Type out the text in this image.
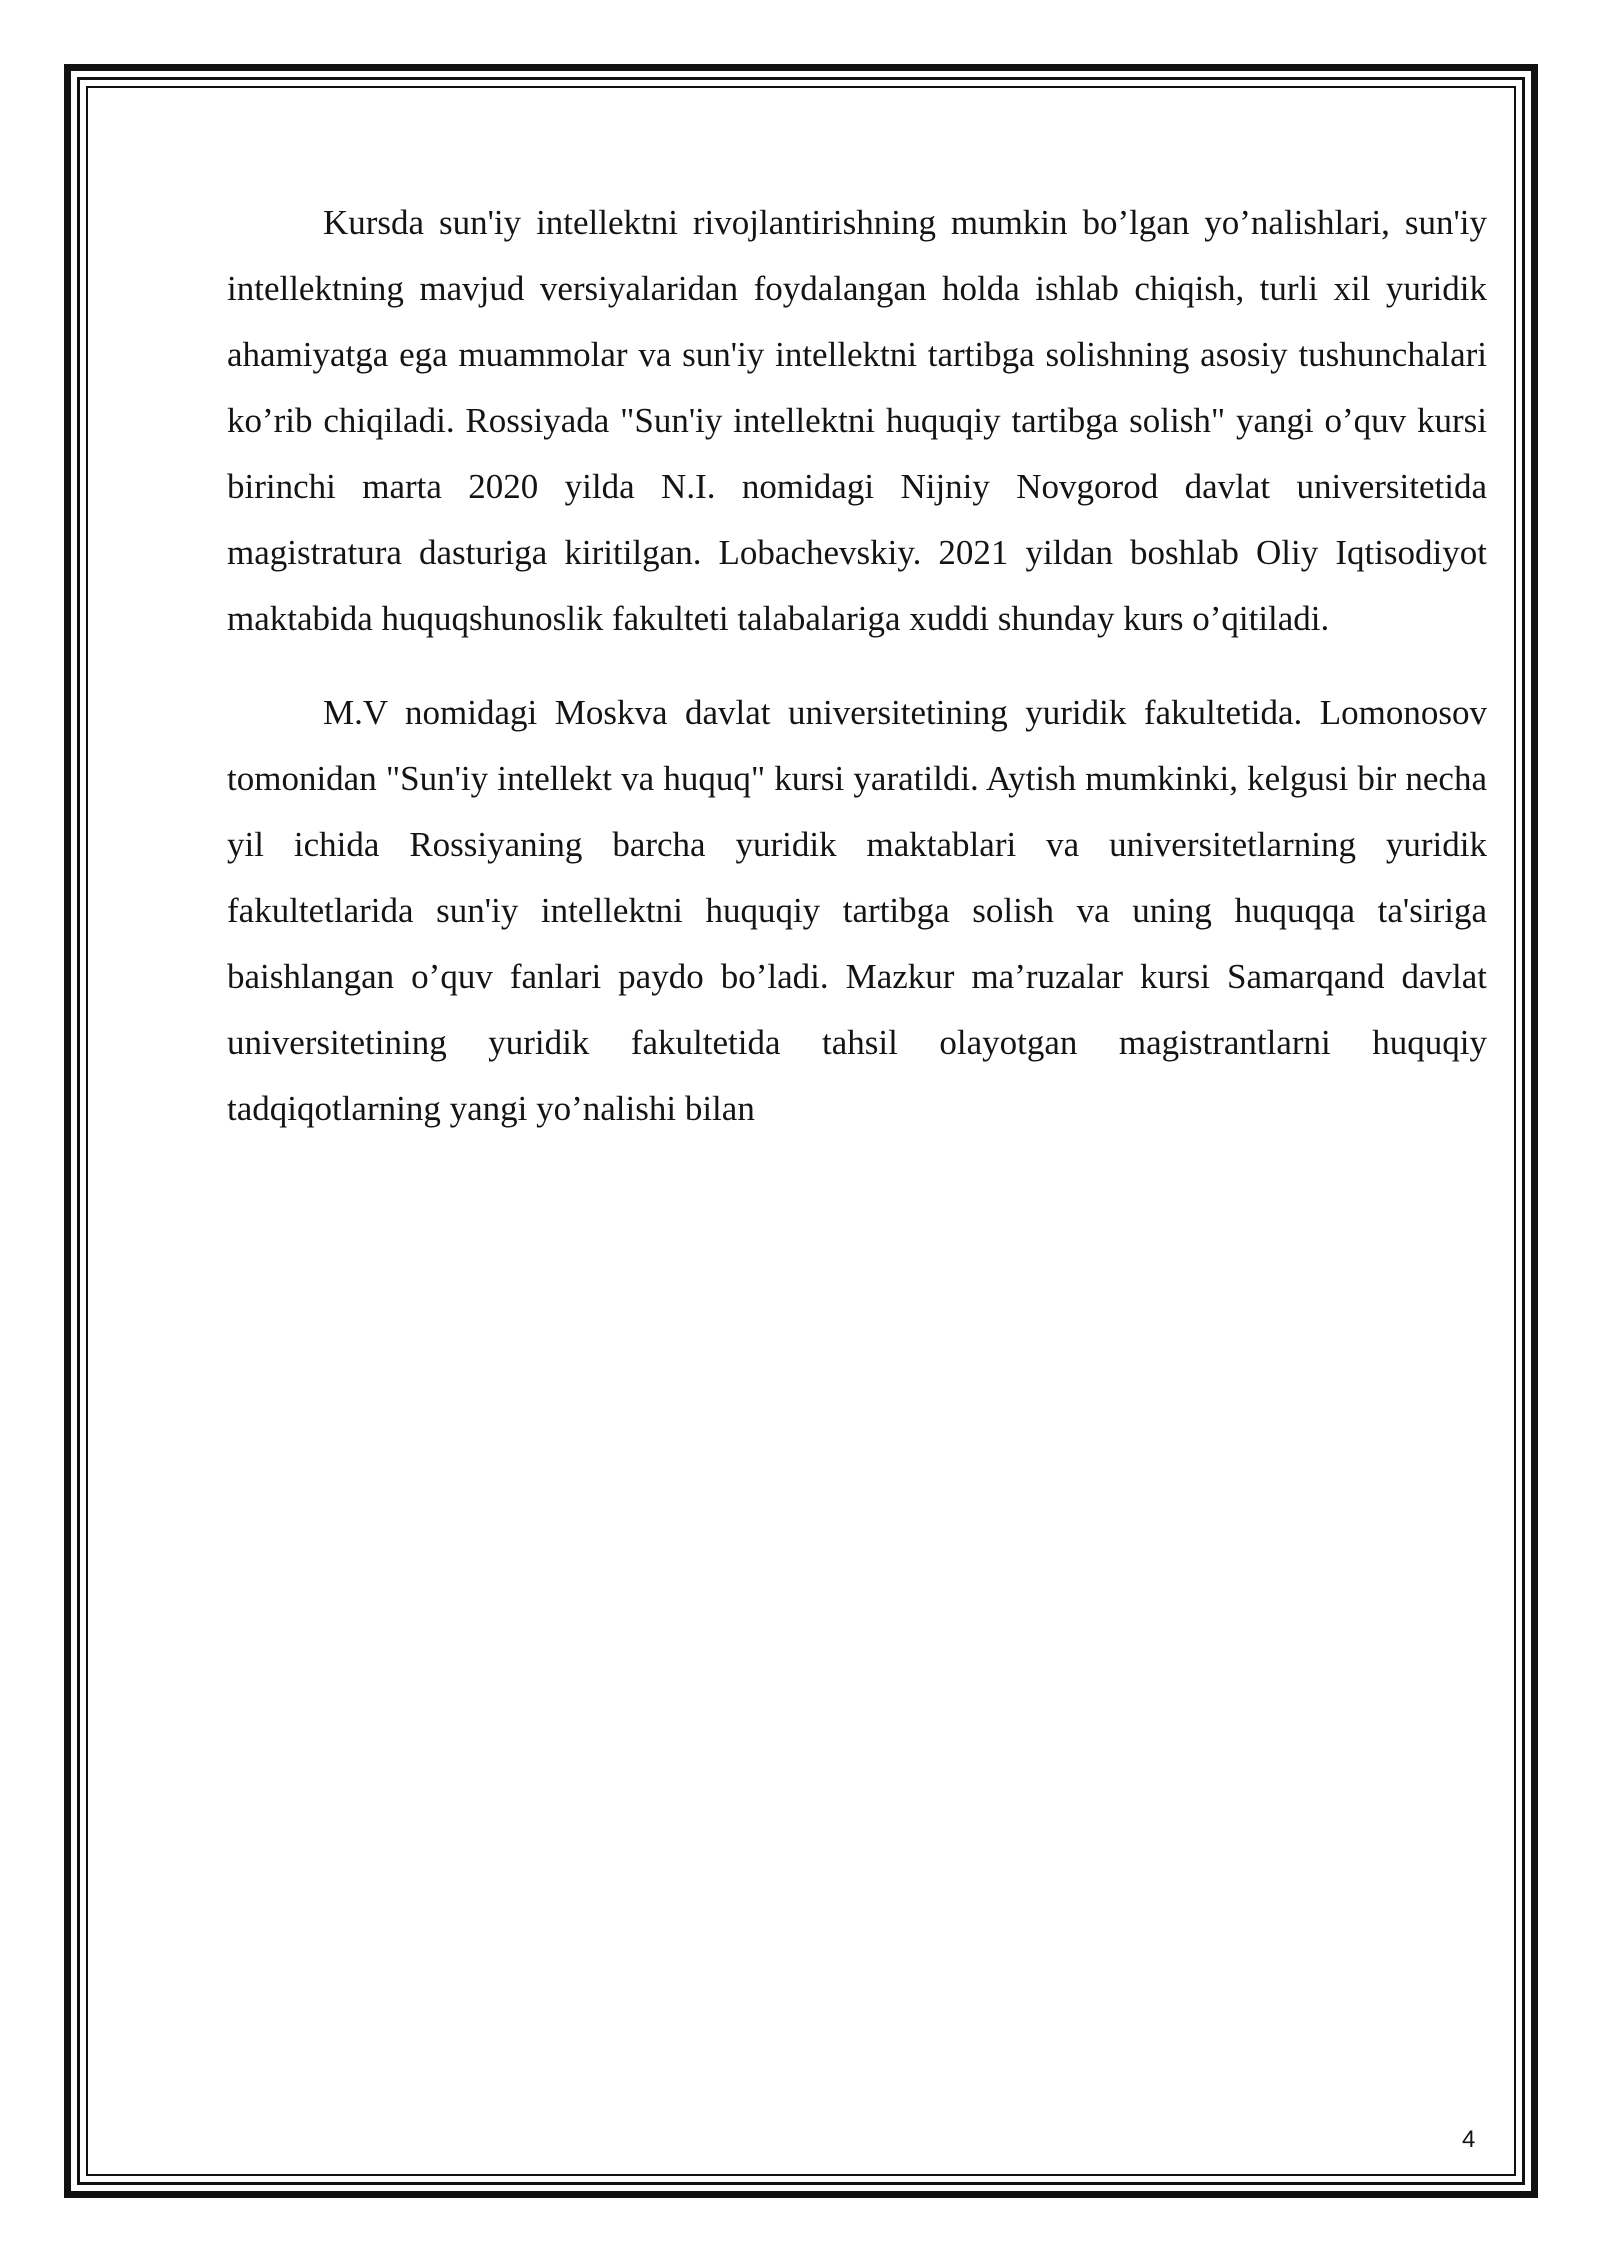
Kursda sun'iy intellektni rivojlantirishning mumkin bo’lgan yo’nalishlari, sun'iy intellektning mavjud versiyalaridan foydalangan holda ishlab chiqish, turli xil yuridik ahamiyatga ega muammolar va sun'iy intellektni tartibga solishning asosiy tushunchalari ko’rib chiqiladi. Rossiyada "Sun'iy intellektni huquqiy tartibga solish" yangi o’quv kursi birinchi marta 2020 yilda N.I. nomidagi Nijniy Novgorod davlat universitetida magistratura dasturiga kiritilgan. Lobachevskiy. 2021 yildan boshlab Oliy Iqtisodiyot maktabida huquqshunoslik fakulteti talabalariga xuddi shunday kurs o’qitiladi.

M.V nomidagi Moskva davlat universitetining yuridik fakultetida. Lomonosov tomonidan "Sun'iy intellekt va huquq" kursi yaratildi. Aytish mumkinki, kelgusi bir necha yil ichida Rossiyaning barcha yuridik maktablari va universitetlarning yuridik fakultetlarida sun'iy intellektni huquqiy tartibga solish va uning huquqqa ta'siriga baishlangan o’quv fanlari paydo bo’ladi. Mazkur ma’ruzalar kursi Samarqand davlat universitetining yuridik fakultetida tahsil olayotgan magistrantlarni huquqiy tadqiqotlarning yangi yo’nalishi bilan

4
